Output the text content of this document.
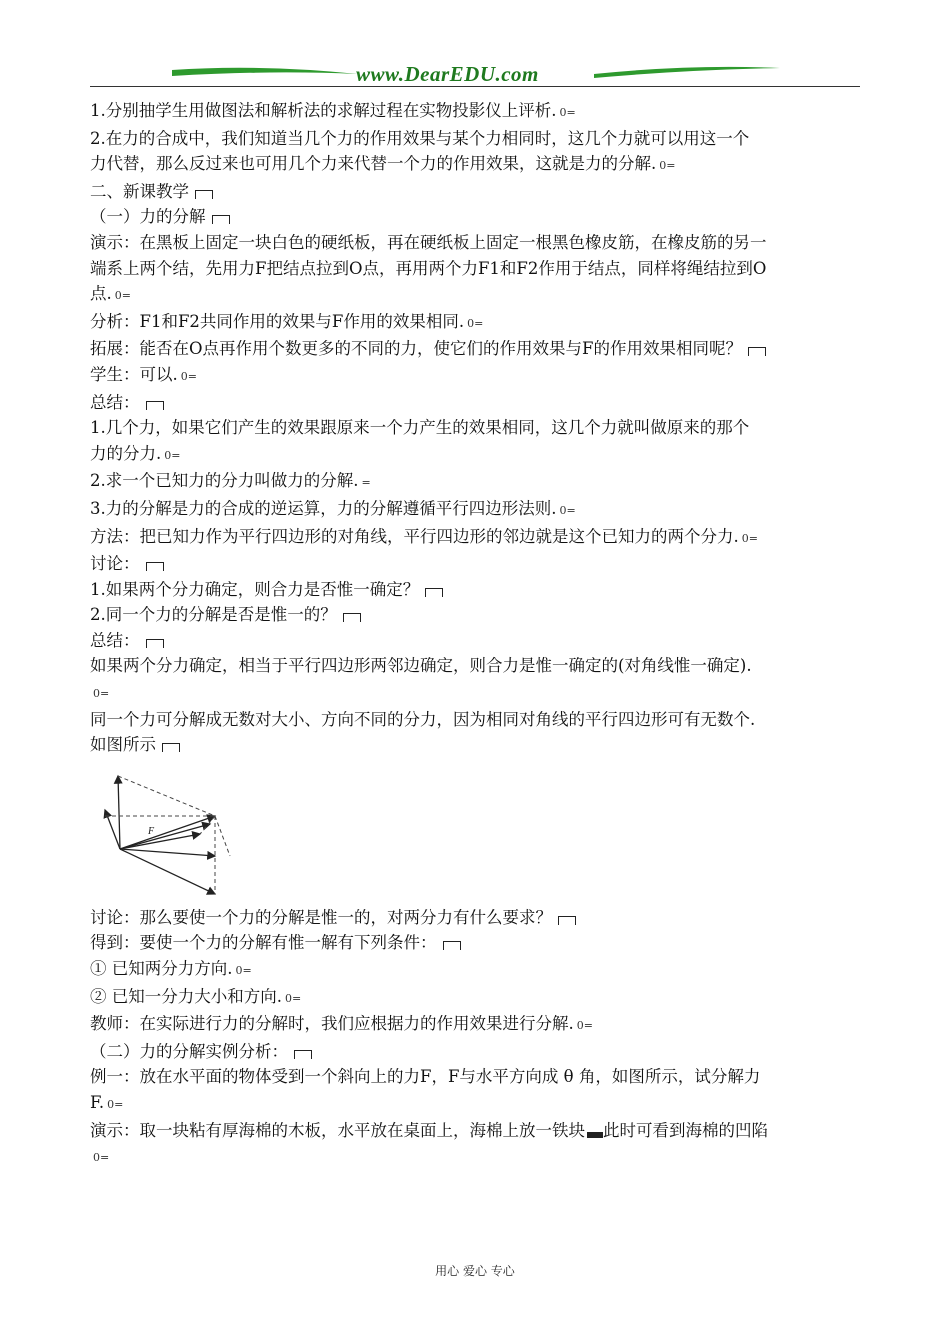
www.DearEDU.com
1.分别抽学生用做图法和解析法的求解过程在实物投影仪上评析. 0=
2.在力的合成中，我们知道当几个力的作用效果与某个力相同时，这几个力就可以用这一个
力代替，那么反过来也可用几个力来代替一个力的作用效果，这就是力的分解. 0=
二、新课教学
（一）力的分解
演示：在黑板上固定一块白色的硬纸板，再在硬纸板上固定一根黑色橡皮筋，在橡皮筋的另一
端系上两个结，先用力F把结点拉到O点，再用两个力F1和F2作用于结点，同样将绳结拉到O
点. 0=
分析：F1和F2共同作用的效果与F作用的效果相同. 0=
拓展：能否在O点再作用个数更多的不同的力，使它们的作用效果与F的作用效果相同呢？
学生：可以. 0=
总结：
1.几个力，如果它们产生的效果跟原来一个力产生的效果相同，这几个力就叫做原来的那个
力的分力. 0=
2.求一个已知力的分力叫做力的分解. =
3.力的分解是力的合成的逆运算，力的分解遵循平行四边形法则. 0=
方法：把已知力作为平行四边形的对角线，平行四边形的邻边就是这个已知力的两个分力. 0=
讨论：
1.如果两个分力确定，则合力是否惟一确定？
2.同一个力的分解是否是惟一的？
总结：
如果两个分力确定，相当于平行四边形两邻边确定，则合力是惟一确定的(对角线惟一确定).
0=
同一个力可分解成无数对大小、方向不同的分力，因为相同对角线的平行四边形可有无数个.
如图所示
F
讨论：那么要使一个力的分解是惟一的，对两分力有什么要求？
得到：要使一个力的分解有惟一解有下列条件：
① 已知两分力方向. 0=
② 已知一分力大小和方向. 0=
教师：在实际进行力的分解时，我们应根据力的作用效果进行分解. 0=
（二）力的分解实例分析：
例一：放在水平面的物体受到一个斜向上的力F，F与水平方向成 θ 角，如图所示，试分解力
F. 0=
演示：取一块粘有厚海棉的木板，水平放在桌面上，海棉上放一铁块 此时可看到海棉的凹陷
0=
用心 爱心 专心
